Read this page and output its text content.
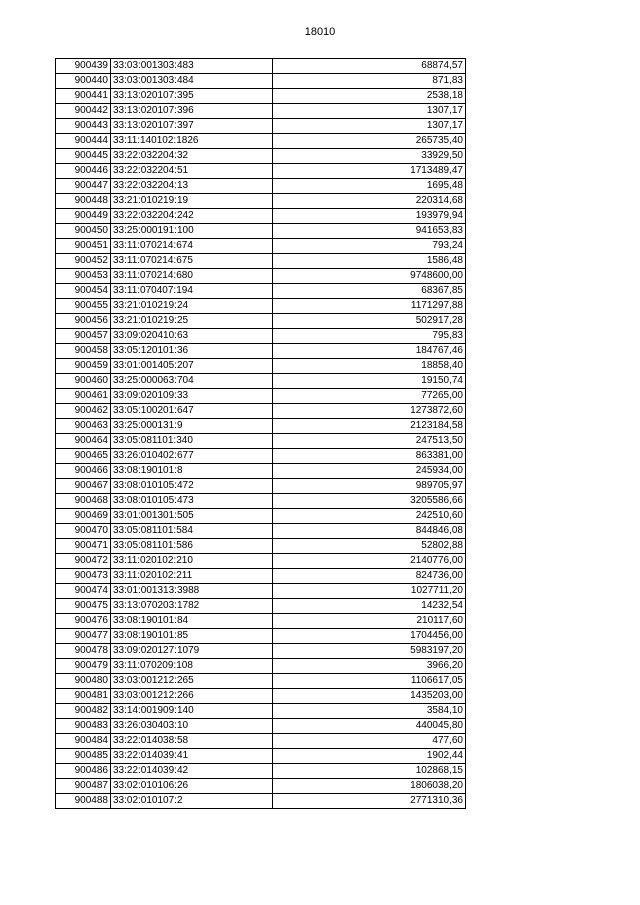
18010
900439	33:03:001303:483	68874,57
900440	33:03:001303:484	871,83
900441	33:13:020107:395	2538,18
900442	33:13:020107:396	1307,17
900443	33:13:020107:397	1307,17
900444	33:11:140102:1826	265735,40
900445	33:22:032204:32	33929,50
900446	33:22:032204:51	1713489,47
900447	33:22:032204:13	1695,48
900448	33:21:010219:19	220314,68
900449	33:22:032204:242	193979,94
900450	33:25:000191:100	941653,83
900451	33:11:070214:674	793,24
900452	33:11:070214:675	1586,48
900453	33:11:070214:680	9748600,00
900454	33:11:070407:194	68367,85
900455	33:21:010219:24	1171297,88
900456	33:21:010219:25	502917,28
900457	33:09:020410:63	795,83
900458	33:05:120101:36	184767,46
900459	33:01:001405:207	18858,40
900460	33:25:000063:704	19150,74
900461	33:09:020109:33	77265,00
900462	33:05:100201:647	1273872,60
900463	33:25:000131:9	2123184,58
900464	33:05:081101:340	247513,50
900465	33:26:010402:677	863381,00
900466	33:08:190101:8	245934,00
900467	33:08:010105:472	989705,97
900468	33:08:010105:473	3205586,66
900469	33:01:001301:505	242510,60
900470	33:05:081101:584	844846,08
900471	33:05:081101:586	52802,88
900472	33:11:020102:210	2140776,00
900473	33:11:020102:211	824736,00
900474	33:01:001313:3988	1027711,20
900475	33:13:070203:1782	14232,54
900476	33:08:190101:84	210117,60
900477	33:08:190101:85	1704456,00
900478	33:09:020127:1079	5983197,20
900479	33:11:070209:108	3966,20
900480	33:03:001212:265	1106617,05
900481	33:03:001212:266	1435203,00
900482	33:14:001909:140	3584,10
900483	33:26:030403:10	440045,80
900484	33:22:014038:58	477,60
900485	33:22:014039:41	1902,44
900486	33:22:014039:42	102868,15
900487	33:02:010106:26	1806038,20
900488	33:02:010107:2	2771310,36
